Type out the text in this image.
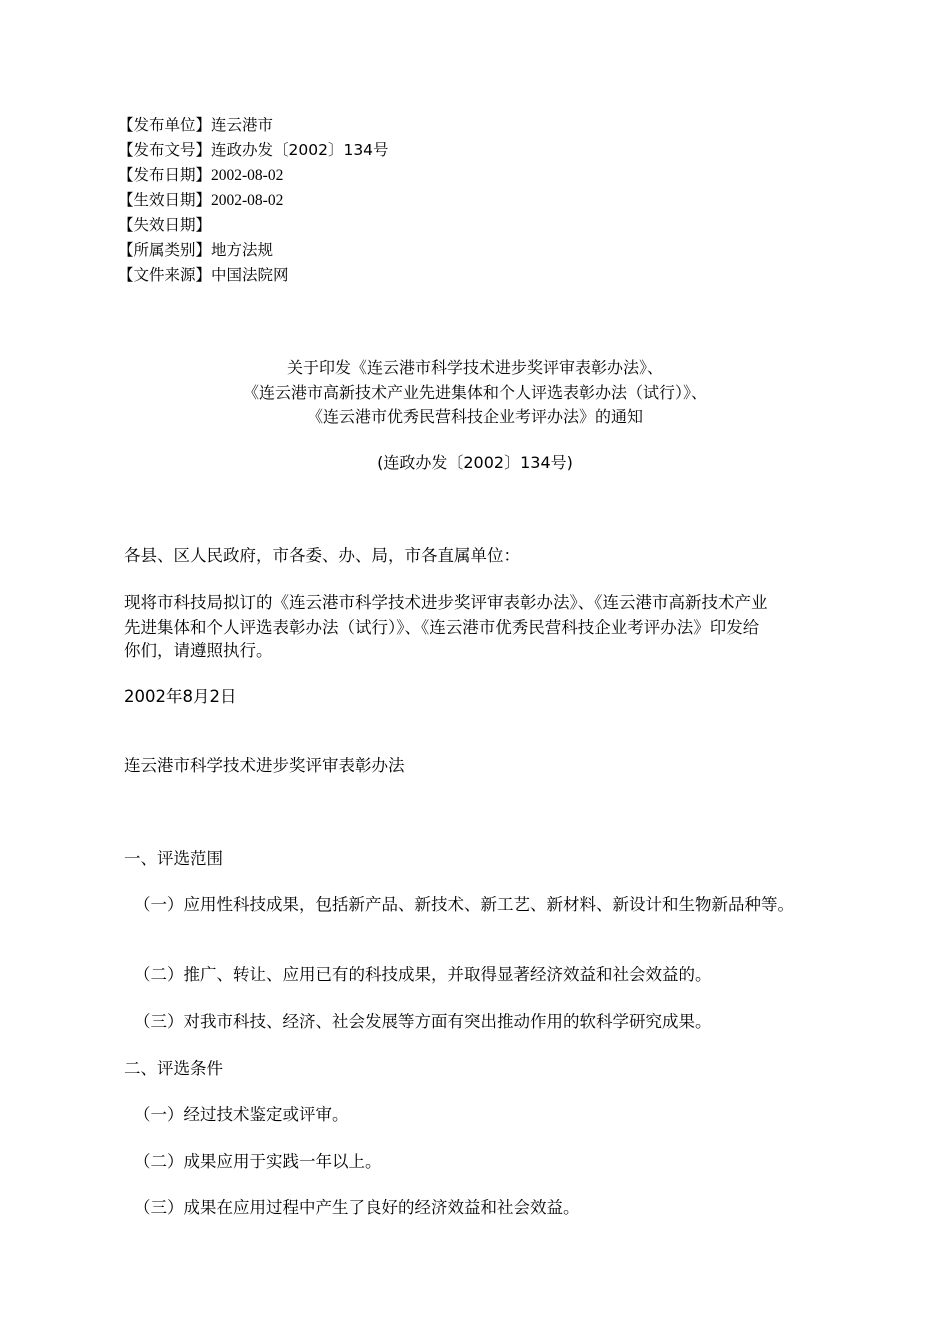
【发布单位】连云港市
【发布文号】连政办发〔2002〕134号
【发布日期】2002-08-02
【生效日期】2002-08-02
【失效日期】
【所属类别】地方法规
【文件来源】中国法院网
关于印发《连云港市科学技术进步奖评审表彰办法》、
《连云港市高新技术产业先进集体和个人评选表彰办法（试行）》、
《连云港市优秀民营科技企业考评办法》的通知
(连政办发〔2002〕134号)
各县、区人民政府，市各委、办、局，市各直属单位：
现将市科技局拟订的《连云港市科学技术进步奖评审表彰办法》、《连云港市高新技术产业
先进集体和个人评选表彰办法（试行）》、《连云港市优秀民营科技企业考评办法》印发给
你们，请遵照执行。
2002年8月2日
连云港市科学技术进步奖评审表彰办法
一、评选范围
（一）应用性科技成果，包括新产品、新技术、新工艺、新材料、新设计和生物新品种等。
（二）推广、转让、应用已有的科技成果，并取得显著经济效益和社会效益的。
（三）对我市科技、经济、社会发展等方面有突出推动作用的软科学研究成果。
二、评选条件
（一）经过技术鉴定或评审。
（二）成果应用于实践一年以上。
（三）成果在应用过程中产生了良好的经济效益和社会效益。
